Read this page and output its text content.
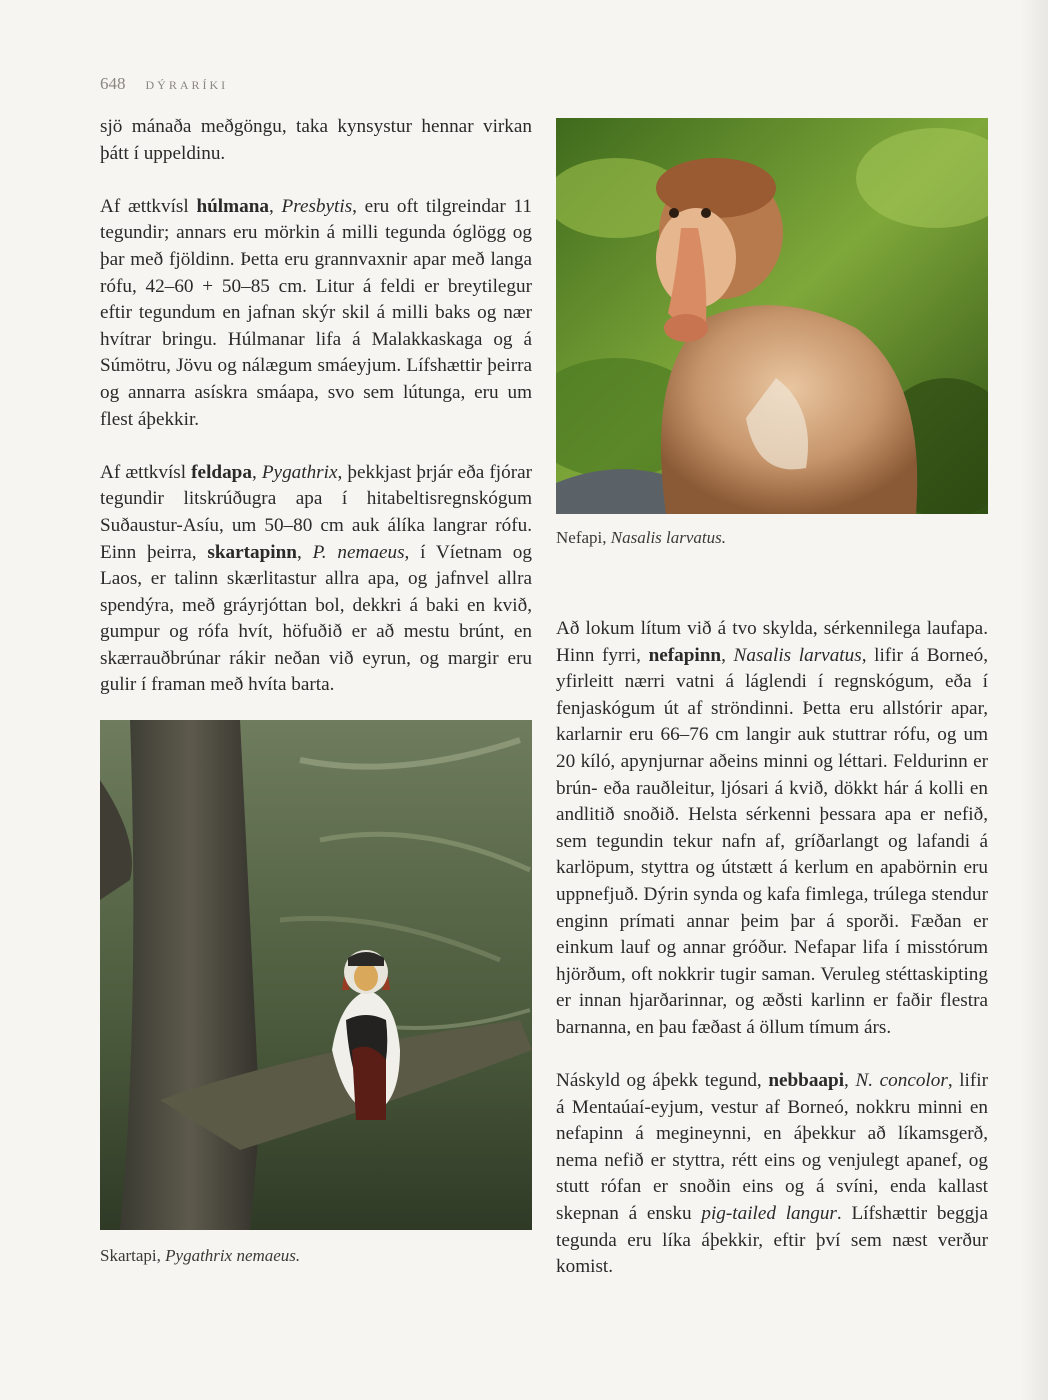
648 DÝRARÍKI

sjö mánaða meðgöngu, taka kynsystur hennar virkan þátt í uppeldinu.

Af ættkvísl húlmana, Presbytis, eru oft tilgreindar 11 tegundir; annars eru mörkin á milli tegunda óglögg og þar með fjöldinn. Þetta eru grannvaxnir apar með langa rófu, 42–60 + 50–85 cm. Litur á feldi er breytilegur eftir tegundum en jafnan skýr skil á milli baks og nær hvítrar bringu. Húlmanar lifa á Malakkaskaga og á Súmötru, Jövu og nálægum smáeyjum. Lífshættir þeirra og annarra asískra smáapa, svo sem lútunga, eru um flest áþekkir.

Af ættkvísl feldapa, Pygathrix, þekkjast þrjár eða fjórar tegundir litskrúðugra apa í hitabeltisregnskógum Suðaustur-Asíu, um 50–80 cm auk álíka langrar rófu. Einn þeirra, skartapinn, P. nemaeus, í Víetnam og Laos, er talinn skærlitastur allra apa, og jafnvel allra spendýra, með gráyrjóttan bol, dekkri á baki en kvið, gumpur og rófa hvít, höfuðið er að mestu brúnt, en skærrauðbrúnar rákir neðan við eyrun, og margir eru gulir í framan með hvíta barta.

Nefapi, Nasalis larvatus.
Skartapi, Pygathrix nemaeus.

Að lokum lítum við á tvo skylda, sérkennilega laufapa. Hinn fyrri, nefapinn, Nasalis larvatus, lifir á Borneó, yfirleitt nærri vatni á láglendi í regnskógum, eða í fenjaskógum út af ströndinni. Þetta eru allstórir apar, karlarnir eru 66–76 cm langir auk stuttrar rófu, og um 20 kíló, apynjurnar aðeins minni og léttari. Feldurinn er brún- eða rauðleitur, ljósari á kvið, dökkt hár á kolli en andlitið snoðið. Helsta sérkenni þessara apa er nefið, sem tegundin tekur nafn af, gríðarlangt og lafandi á karlöpum, styttra og útstætt á kerlum en apabörnin eru uppnefjuð. Dýrin synda og kafa fimlega, trúlega stendur enginn prímati annar þeim þar á sporði. Fæðan er einkum lauf og annar gróður. Nefapar lifa í misstórum hjörðum, oft nokkrir tugir saman. Veruleg stéttaskipting er innan hjarðarinnar, og æðsti karlinn er faðir flestra barnanna, en þau fæðast á öllum tímum árs.

Náskyld og áþekk tegund, nebbaapi, N. concolor, lifir á Mentaúaí-eyjum, vestur af Borneó, nokkru minni en nefapinn á megineynni, en áþekkur að líkamsgerð, nema nefið er styttra, rétt eins og venjulegt apanef, og stutt rófan er snoðin eins og á svíni, enda kallast skepnan á ensku pig-tailed langur. Lífshættir beggja tegunda eru líka áþekkir, eftir því sem næst verður komist.
